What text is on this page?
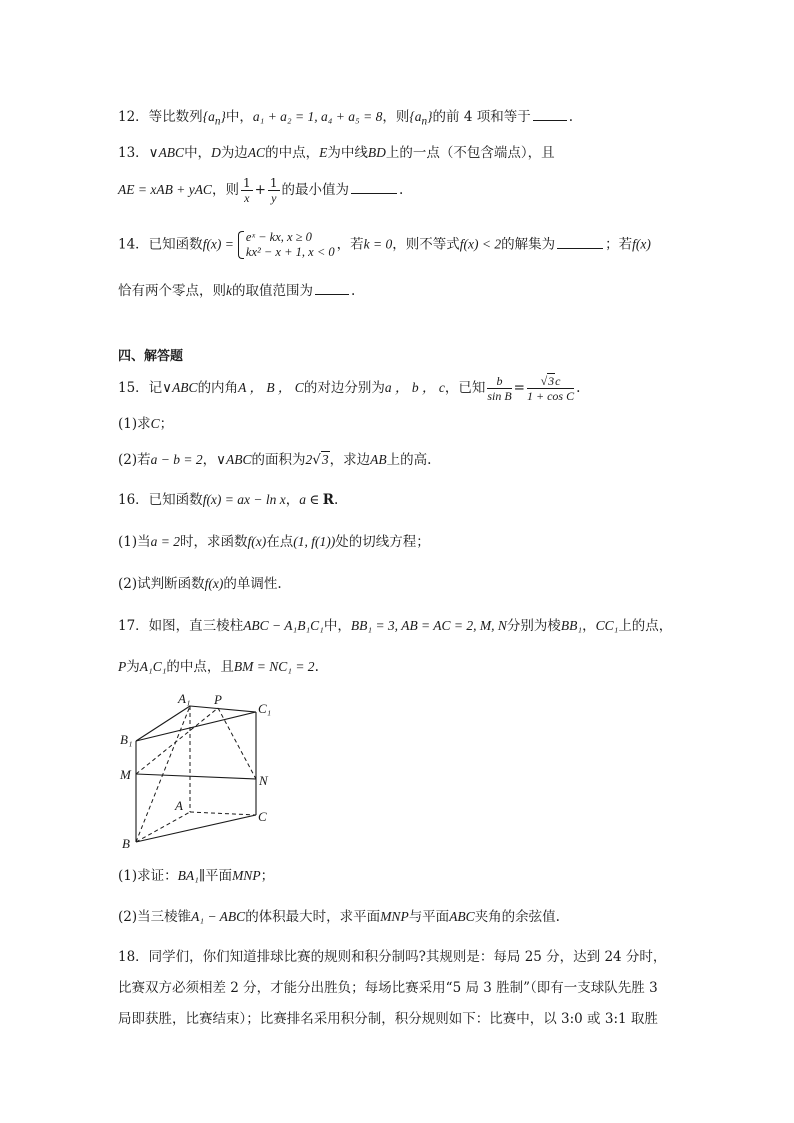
12．等比数列$\{a_n\}$中，a₁ + a₂ = 1, a₄ + a₅ = 8，则$\{a_n\}$的前 4 项和等于	.
13．∨ABC中，D为边AC的中点，E为中线BD上的一点（不包含端点），且
AE = xAB + yAC，则 $\frac{1}{x} + \frac{1}{y}$ 的最小值为	.
14．已知函数f(x) = eˣ − kx, x ≥ 0
kx² − x + 1, x < 0 ，若k = 0，则不等式f(x) < 2的解集为	；若f(x)
恰有两个零点，则k的取值范围为	.
四、解答题
15．记∨ABC的内角A ， B ， C的对边分别为a ， b ， c，已知 $\frac{b}{\text{sin B}} = \frac{√3c}{\text{1 + cos C}}$ .
(1)求C；
(2)若a − b = 2，∨ABC的面积为2√3，求边AB上的高.
16．已知函数f(x) = ax − ln x，a ∈ R.
(1)当a = 2时，求函数f(x)在点(1, f(1))处的切线方程；
(2)试判断函数f(x)的单调性.
17．如图，直三棱柱ABC − A₁B₁C₁中，BB₁ = 3, AB = AC = 2, M, N分别为棱BB₁，CC₁上的点，
P为A₁C₁的中点，且BM = NC₁ = 2.
A₁ P
C₁
B₁
M	N
A
C
B
(1)求证：BA₁∥平面MNP；
(2)当三棱锥A₁ − ABC的体积最大时，求平面MNP与平面ABC夹角的余弦值.
18．同学们，你们知道排球比赛的规则和积分制吗?其规则是：每局 25 分，达到 24 分时，
比赛双方必须相差 2 分，才能分出胜负；每场比赛采用“5 局 3 胜制”（即有一支球队先胜 3
局即获胜，比赛结束）；比赛排名采用积分制，积分规则如下：比赛中，以 3:0 或 3:1 取胜
